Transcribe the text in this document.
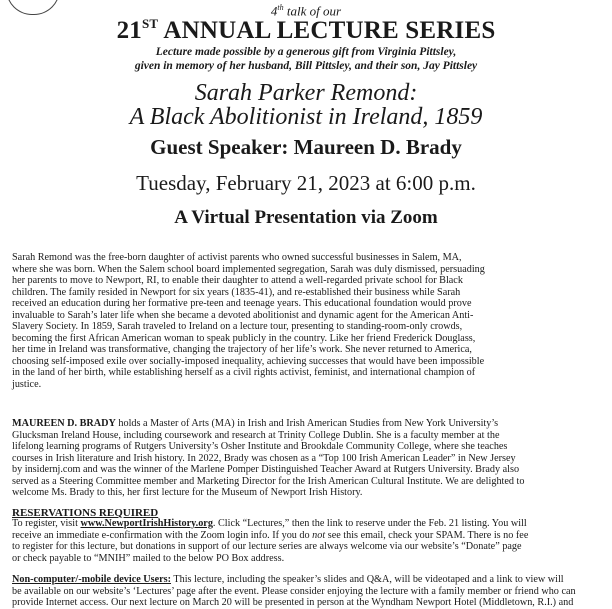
4th talk of our
21ST ANNUAL LECTURE SERIES
Lecture made possible by a generous gift from Virginia Pittsley,
given in memory of her husband, Bill Pittsley, and their son, Jay Pittsley
Sarah Parker Remond:
A Black Abolitionist in Ireland, 1859
Guest Speaker: Maureen D. Brady
Tuesday, February 21, 2023 at 6:00 p.m.
A Virtual Presentation via Zoom
Sarah Remond was the free-born daughter of activist parents who owned successful businesses in Salem, MA,
where she was born. When the Salem school board implemented segregation, Sarah was duly dismissed, persuading
her parents to move to Newport, RI, to enable their daughter to attend a well-regarded private school for Black
children. The family resided in Newport for six years (1835-41), and re-established their business while Sarah
received an education during her formative pre-teen and teenage years. This educational foundation would prove
invaluable to Sarah’s later life when she became a devoted abolitionist and dynamic agent for the American Anti-
Slavery Society. In 1859, Sarah traveled to Ireland on a lecture tour, presenting to standing-room-only crowds,
becoming the first African American woman to speak publicly in the country. Like her friend Frederick Douglass,
her time in Ireland was transformative, changing the trajectory of her life’s work. She never returned to America,
choosing self-imposed exile over socially-imposed inequality, achieving successes that would have been impossible
in the land of her birth, while establishing herself as a civil rights activist, feminist, and international champion of
justice.
MAUREEN D. BRADY holds a Master of Arts (MA) in Irish and Irish American Studies from New York University’s
Glucksman Ireland House, including coursework and research at Trinity College Dublin. She is a faculty member at the
lifelong learning programs of Rutgers University’s Osher Institute and Brookdale Community College, where she teaches
courses in Irish literature and Irish history. In 2022, Brady was chosen as a “Top 100 Irish American Leader” in New Jersey
by insidernj.com and was the winner of the Marlene Pomper Distinguished Teacher Award at Rutgers University. Brady also
served as a Steering Committee member and Marketing Director for the Irish American Cultural Institute. We are delighted to
welcome Ms. Brady to this, her first lecture for the Museum of Newport Irish History.
RESERVATIONS REQUIRED
To register, visit www.NewportIrishHistory.org. Click “Lectures,” then the link to reserve under the Feb. 21 listing. You will
receive an immediate e-confirmation with the Zoom login info. If you do not see this email, check your SPAM. There is no fee
to register for this lecture, but donations in support of our lecture series are always welcome via our website’s “Donate” page
or check payable to “MNIH” mailed to the below PO Box address.
Non-computer/-mobile device Users: This lecture, including the speaker’s slides and Q&A, will be videotaped and a link to view will
be available on our website’s ‘Lectures’ page after the event. Please consider enjoying the lecture with a family member or friend who can
provide Internet access. Our next lecture on March 20 will be presented in person at the Wyndham Newport Hotel (Middletown, R.I.) and
